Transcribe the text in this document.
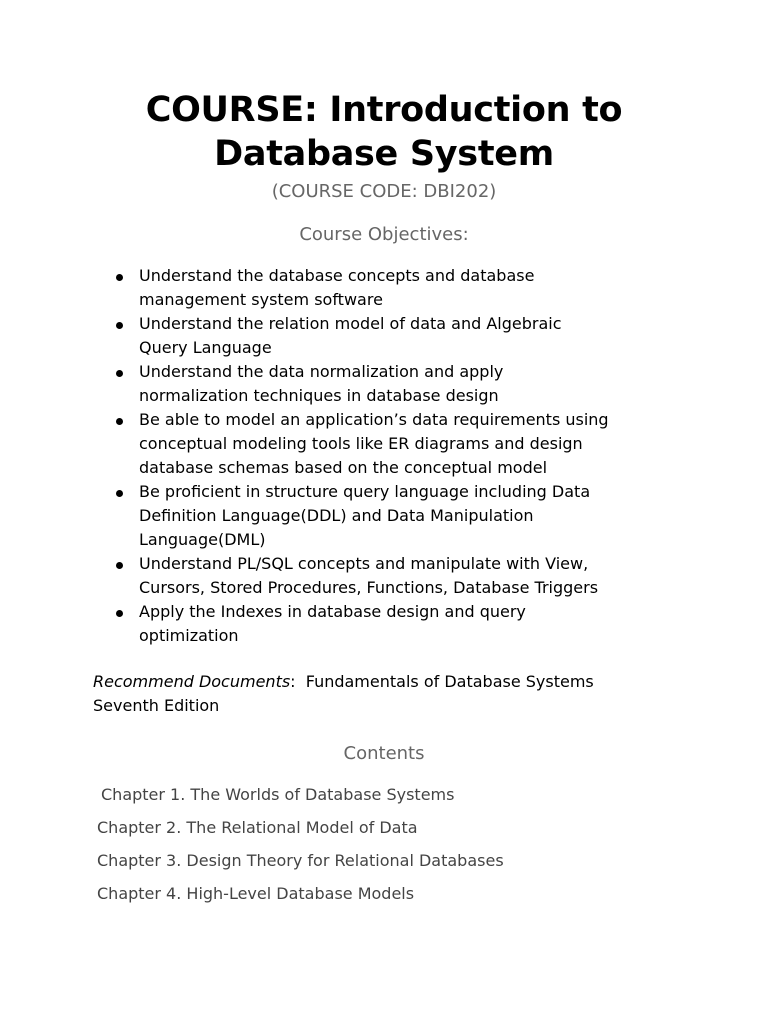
COURSE: Introduction to
Database System
(COURSE CODE: DBI202)
Course Objectives:
Understand the database concepts and database
management system software
Understand the relation model of data and Algebraic
Query Language
Understand the data normalization and apply
normalization techniques in database design
Be able to model an application’s data requirements using
conceptual modeling tools like ER diagrams and design
database schemas based on the conceptual model
Be proficient in structure query language including Data
Definition Language(DDL) and Data Manipulation
Language(DML)
Understand PL/SQL concepts and manipulate with View,
Cursors, Stored Procedures, Functions, Database Triggers
Apply the Indexes in database design and query
optimization
Recommend Documents:  Fundamentals of Database Systems
Seventh Edition
Contents
Chapter 1. The Worlds of Database Systems
Chapter 2. The Relational Model of Data
Chapter 3. Design Theory for Relational Databases
Chapter 4. High-Level Database Models
